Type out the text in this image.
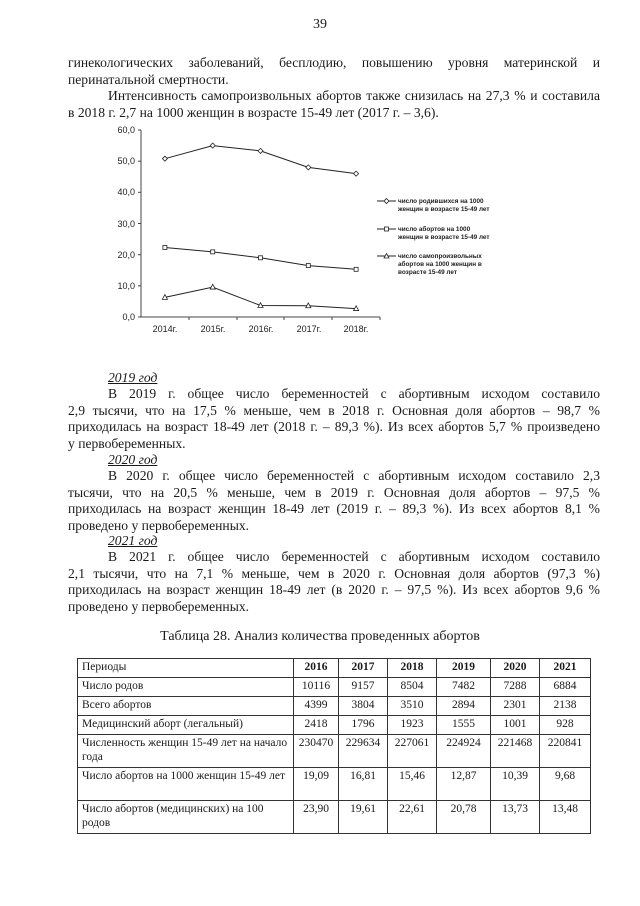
39
гинекологических заболеваний, бесплодию, повышению уровня материнской и
перинатальной смертности.
Интенсивность самопроизвольных абортов также снизилась на 27,3 % и составила
в 2018 г. 2,7 на 1000 женщин в возрасте 15-49 лет (2017 г. – 3,6).
0,0
10,0
20,0
30,0
40,0
50,0
60,0
2014г.	2015г.	2016г.	2017г. 2018г.
число родившихся на 1000
женщин в возрасте 15-49 лет
число абортов на 1000
женщин в возрасте 15-49 лет
число самопроизвольных
абортов на 1000 женщин в
возрасте 15-49 лет
2019 год
В 2019 г. общее число беременностей с абортивным исходом составило
2,9 тысячи, что на 17,5 % меньше, чем в 2018 г. Основная доля абортов – 98,7 %
приходилась на возраст 18-49 лет (2018 г. – 89,3 %). Из всех абортов 5,7 % произведено
у первобеременных.
2020 год
В 2020 г. общее число беременностей с абортивным исходом составило 2,3
тысячи, что на 20,5 % меньше, чем в 2019 г. Основная доля абортов – 97,5 %
приходилась на возраст женщин 18-49 лет (2019 г. – 89,3 %). Из всех абортов 8,1 %
проведено у первобеременных.
2021 год
В 2021 г. общее число беременностей с абортивным исходом составило
2,1 тысячи, что на 7,1 % меньше, чем в 2020 г. Основная доля абортов (97,3 %)
приходилась на возраст женщин 18-49 лет (в 2020 г. – 97,5 %). Из всех абортов 9,6 %
проведено у первобеременных.
Таблица 28. Анализ количества проведенных абортов
Периоды	2016	2017	2018	2019	2020	2021
Число родов	10116	9157	8504	7482	7288	6884
Всего абортов	4399	3804	3510	2894	2301	2138
Медицинский аборт (легальный)	2418	1796	1923	1555	1001	928
Численность женщин 15-49 лет на начало года	230470	229634	227061	224924	221468	220841
Число абортов на 1000 женщин 15-49 лет	19,09	16,81	15,46	12,87	10,39	9,68
Число абортов (медицинских) на 100 родов	23,90	19,61	22,61	20,78	13,73	13,48
